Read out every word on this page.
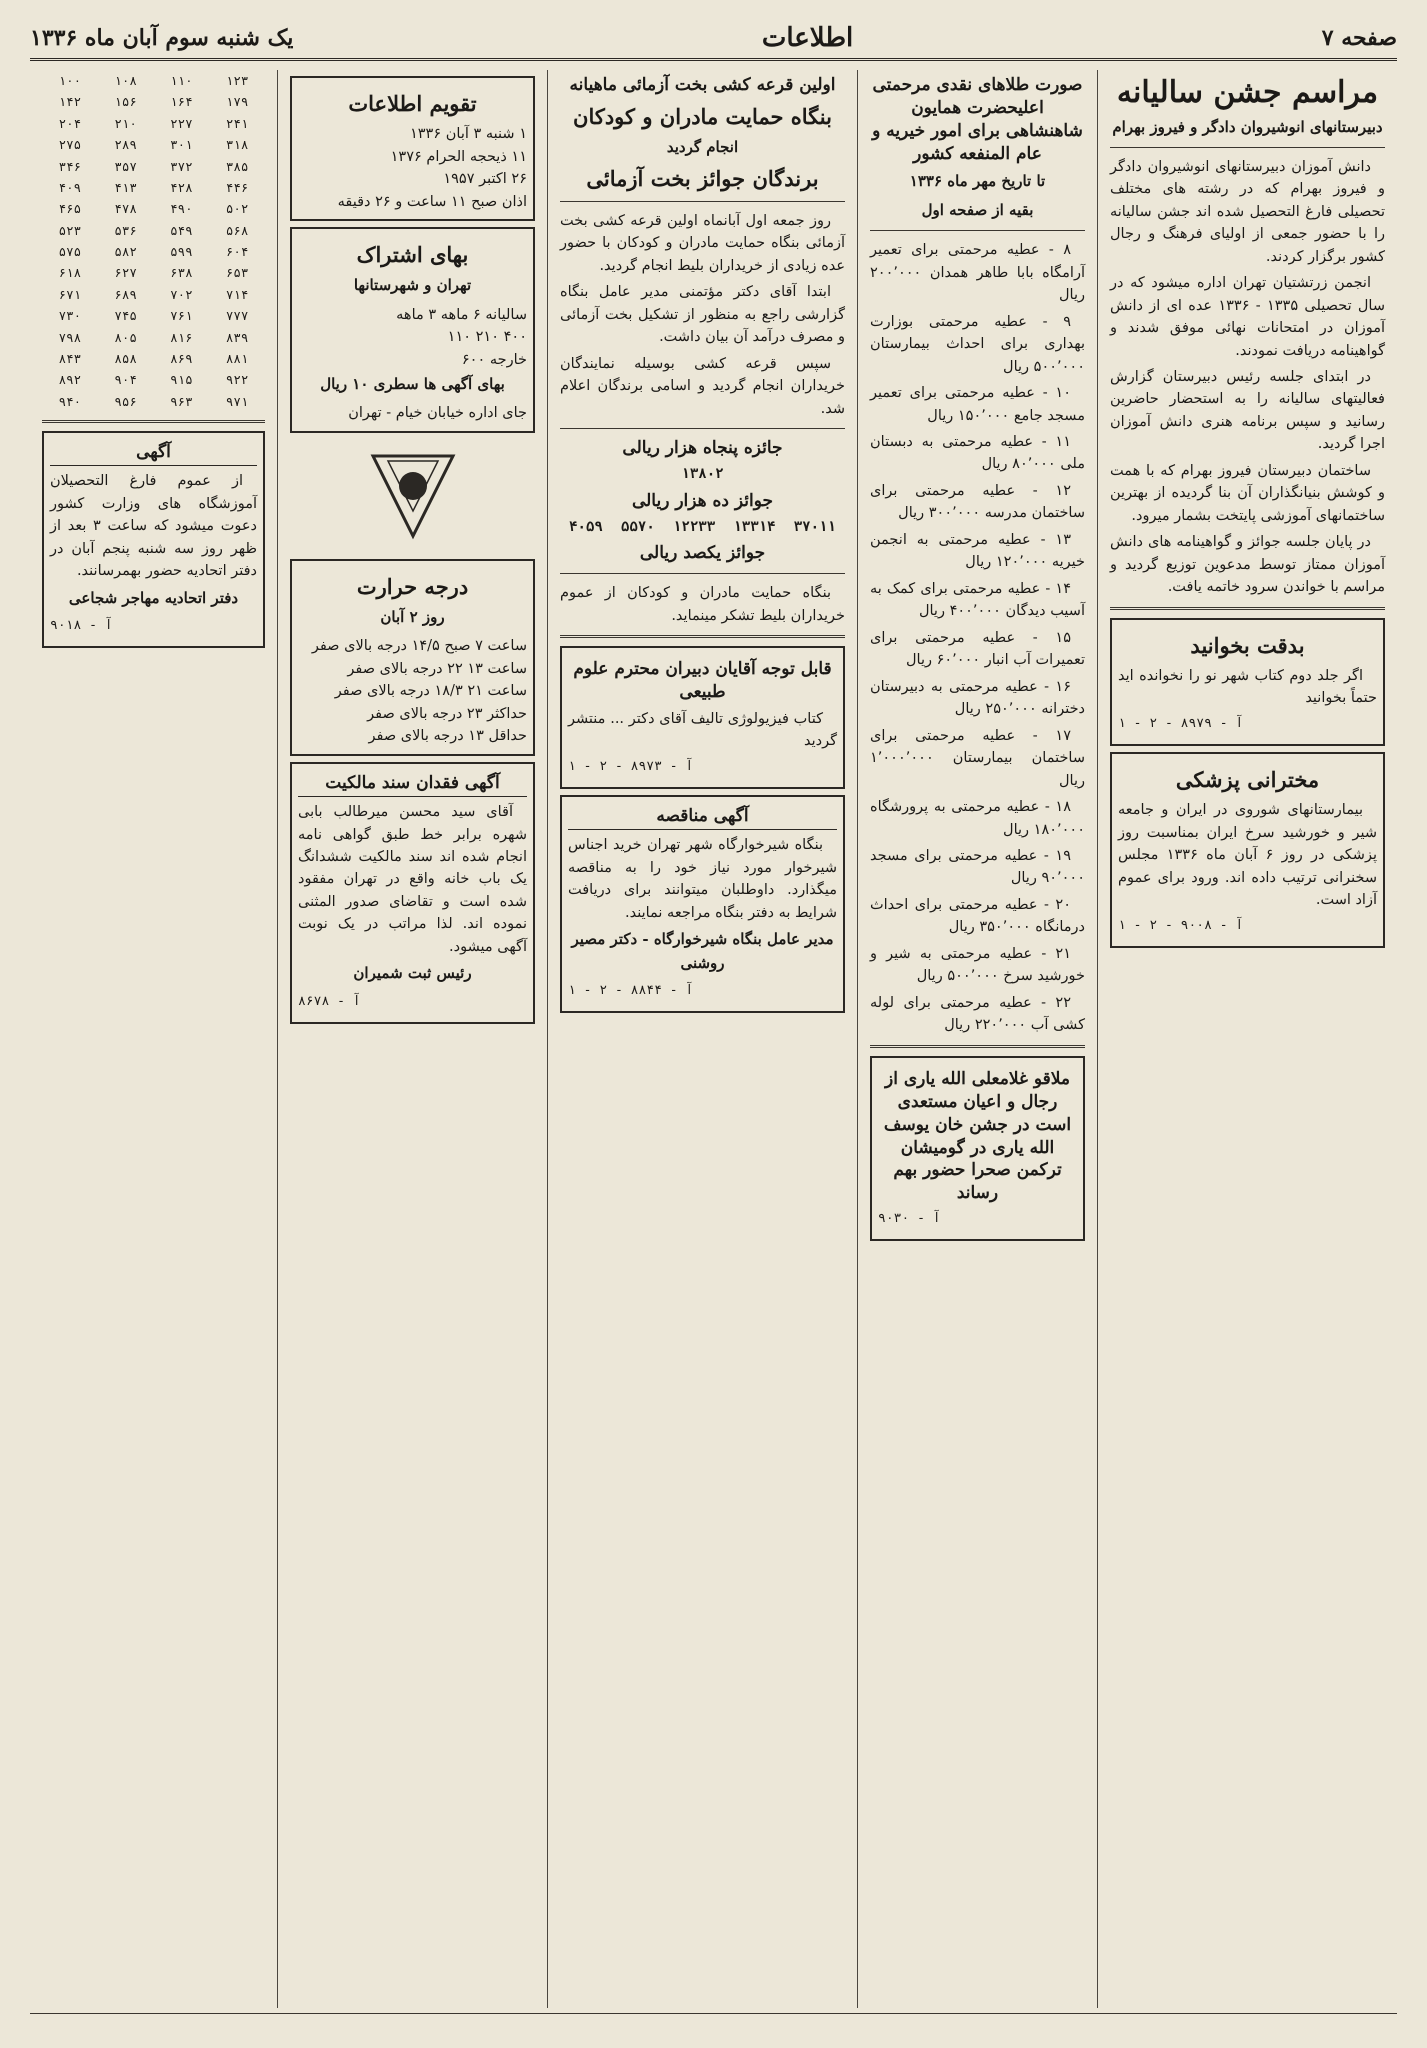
صفحه ۷
اطلاعات
یک شنبه سوم آبان ماه ۱۳۳۶
مراسم جشن سالیانه
دبیرستانهای انوشیروان دادگر و فیروز بهرام

دانش آموزان دبیرستانهای انوشیروان دادگر و فیروز بهرام که در رشته های مختلف تحصیلی فارغ التحصیل شده اند جشن سالیانه را با حضور جمعی از اولیای فرهنگ و رجال کشور برگزار کردند.

انجمن زرتشتیان تهران اداره میشود که در سال تحصیلی ۱۳۳۵ - ۱۳۳۶ عده ای از دانش آموزان در امتحانات نهائی موفق شدند و گواهینامه دریافت نمودند.

در ابتدای جلسه رئیس دبیرستان گزارش فعالیتهای سالیانه را به استحضار حاضرین رسانید و سپس برنامه هنری دانش آموزان اجرا گردید.

ساختمان دبیرستان فیروز بهرام که با همت و کوشش بنیانگذاران آن بنا گردیده از بهترین ساختمانهای آموزشی پایتخت بشمار میرود.

در پایان جلسه جوائز و گواهینامه های دانش آموزان ممتاز توسط مدعوین توزیع گردید و مراسم با خواندن سرود خاتمه یافت.

بدقت بخوانید

اگر جلد دوم کتاب شهر نو را نخوانده اید حتماً بخوانید

آ - ۸۹۷۹ - ۲ - ۱
مخترانی پزشکی

بیمارستانهای شوروی در ایران و جامعه شیر و خورشید سرخ ایران بمناسبت روز پزشکی در روز ۶ آبان ماه ۱۳۳۶ مجلس سخنرانی ترتیب داده اند. ورود برای عموم آزاد است.

آ - ۹۰۰۸ - ۲ - ۱
صورت طلاهای نقدی مرحمتی اعلیحضرت همایون شاهنشاهی برای امور خیریه و عام المنفعه کشور
تا تاریخ مهر ماه ۱۳۳۶
بقیه از صفحه اول

۸ - عطیه مرحمتی برای تعمیر آرامگاه بابا طاهر همدان ۲۰۰٬۰۰۰ ریال

۹ - عطیه مرحمتی بوزارت بهداری برای احداث بیمارستان ۵۰۰٬۰۰۰ ریال

۱۰ - عطیه مرحمتی برای تعمیر مسجد جامع ۱۵۰٬۰۰۰ ریال

۱۱ - عطیه مرحمتی به دبستان ملی ۸۰٬۰۰۰ ریال

۱۲ - عطیه مرحمتی برای ساختمان مدرسه ۳۰۰٬۰۰۰ ریال

۱۳ - عطیه مرحمتی به انجمن خیریه ۱۲۰٬۰۰۰ ریال

۱۴ - عطیه مرحمتی برای کمک به آسیب دیدگان ۴۰۰٬۰۰۰ ریال

۱۵ - عطیه مرحمتی برای تعمیرات آب انبار ۶۰٬۰۰۰ ریال

۱۶ - عطیه مرحمتی به دبیرستان دخترانه ۲۵۰٬۰۰۰ ریال

۱۷ - عطیه مرحمتی برای ساختمان بیمارستان ۱٬۰۰۰٬۰۰۰ ریال

۱۸ - عطیه مرحمتی به پرورشگاه ۱۸۰٬۰۰۰ ریال

۱۹ - عطیه مرحمتی برای مسجد ۹۰٬۰۰۰ ریال

۲۰ - عطیه مرحمتی برای احداث درمانگاه ۳۵۰٬۰۰۰ ریال

۲۱ - عطیه مرحمتی به شیر و خورشید سرخ ۵۰۰٬۰۰۰ ریال

۲۲ - عطیه مرحمتی برای لوله کشی آب ۲۲۰٬۰۰۰ ریال

ملاقو غلامعلی الله یاری از رجال و اعیان مستعدی است در جشن خان یوسف الله یاری در گومیشان ترکمن صحرا حضور بهم رساند
آ - ۹۰۳۰
اولین قرعه کشی بخت آزمائی ماهیانه
بنگاه حمایت مادران و کودکان
انجام گردید
برندگان جوائز بخت آزمائی

روز جمعه اول آبانماه اولین قرعه کشی بخت آزمائی بنگاه حمایت مادران و کودکان با حضور عده زیادی از خریداران بلیط انجام گردید.

ابتدا آقای دکتر مؤتمنی مدیر عامل بنگاه گزارشی راجع به منظور از تشکیل بخت آزمائی و مصرف درآمد آن بیان داشت.

سپس قرعه کشی بوسیله نمایندگان خریداران انجام گردید و اسامی برندگان اعلام شد.

جائزه پنجاه هزار ریالی
۱۳۸۰۲
جوائز ده هزار ریالی
۴۰۵۹ ۵۵۷۰ ۱۲۲۳۳ ۱۳۳۱۴ ۳۷۰۱۱
جوائز یکصد ریالی

بنگاه حمایت مادران و کودکان از عموم خریداران بلیط تشکر مینماید.

قابل توجه آقایان دبیران محترم علوم طبیعی

کتاب فیزیولوژی تالیف آقای دکتر ... منتشر گردید

آ - ۸۹۷۳ - ۲ - ۱
آگهی مناقصه

بنگاه شیرخوارگاه شهر تهران خرید اجناس شیرخوار مورد نیاز خود را به مناقصه میگذارد. داوطلبان میتوانند برای دریافت شرایط به دفتر بنگاه مراجعه نمایند.

مدیر عامل بنگاه شیرخوارگاه - دکتر مصیر روشنی
آ - ۸۸۴۴ - ۲ - ۱
تقویم اطلاعات
۱ شنبه ۳ آبان ۱۳۳۶
۱۱ ذیحجه الحرام ۱۳۷۶
۲۶ اکتبر ۱۹۵۷
اذان صبح ۱۱ ساعت و ۲۶ دقیقه
بهای اشتراک
تهران و شهرستانها
سالیانه ۶ ماهه ۳ ماهه
۴۰۰ ۲۱۰ ۱۱۰
خارجه ۶۰۰
بهای آگهی ها سطری ۱۰ ریال
جای اداره خیابان خیام - تهران
درجه حرارت
روز ۲ آبان
ساعت ۷ صبح ۱۴/۵ درجه بالای صفر
ساعت ۱۳ ۲۲ درجه بالای صفر
ساعت ۲۱ ۱۸/۳ درجه بالای صفر
حداکثر ۲۳ درجه بالای صفر
حداقل ۱۳ درجه بالای صفر
آگهی فقدان سند مالکیت

آقای سید محسن میرطالب بابی شهره برابر خط طبق گواهی نامه انجام شده اند سند مالکیت ششدانگ یک باب خانه واقع در تهران مفقود شده است و تقاضای صدور المثنی نموده اند. لذا مراتب در یک نوبت آگهی میشود.

رئیس ثبت شمیران
آ - ۸۶۷۸
۱۰۰	۱۰۸	۱۱۰	۱۲۳
۱۴۲	۱۵۶	۱۶۴	۱۷۹
۲۰۴	۲۱۰	۲۲۷	۲۴۱
۲۷۵	۲۸۹	۳۰۱	۳۱۸
۳۴۶	۳۵۷	۳۷۲	۳۸۵
۴۰۹	۴۱۳	۴۲۸	۴۴۶
۴۶۵	۴۷۸	۴۹۰	۵۰۲
۵۲۳	۵۳۶	۵۴۹	۵۶۸
۵۷۵	۵۸۲	۵۹۹	۶۰۴
۶۱۸	۶۲۷	۶۳۸	۶۵۳
۶۷۱	۶۸۹	۷۰۲	۷۱۴
۷۳۰	۷۴۵	۷۶۱	۷۷۷
۷۹۸	۸۰۵	۸۱۶	۸۳۹
۸۴۳	۸۵۸	۸۶۹	۸۸۱
۸۹۲	۹۰۴	۹۱۵	۹۲۲
۹۴۰	۹۵۶	۹۶۳	۹۷۱
آگهی

از عموم فارغ التحصیلان آموزشگاه های وزارت کشور دعوت میشود که ساعت ۳ بعد از ظهر روز سه شنبه پنجم آبان در دفتر اتحادیه حضور بهمرسانند.

دفتر اتحادیه مهاجر شجاعی
آ - ۹۰۱۸
